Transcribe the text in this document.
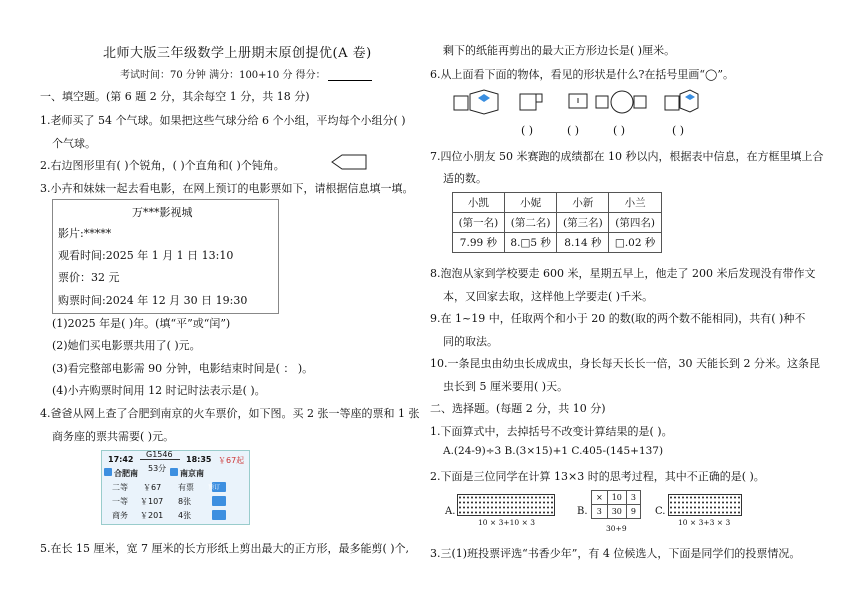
北师大版三年级数学上册期末原创提优(A 卷)
考试时间：70 分钟 满分：100+10 分 得分：
一、填空题。(第 6 题 2 分，其余每空 1 分，共 18 分)
1.老师买了 54 个气球。如果把这些气球分给 6 个小组，平均每个小组分( )
个气球。
2.右边图形里有( )个锐角，( )个直角和( )个钝角。
3.小卉和妹妹一起去看电影，在网上预订的电影票如下，请根据信息填一填。
万***影视城
影片:*****
观看时间:2025 年 1 月 1 日 13:10
票价：32 元
购票时间:2024 年 12 月 30 日 19:30
(1)2025 年是( )年。(填“平”或“闰”)
(2)她们买电影票共用了( )元。
(3)看完整部电影需 90 分钟，电影结束时间是( ： )。
(4)小卉购票时间用 12 时记时法表示是( )。
4.爸爸从网上查了合肥到南京的火车票价，如下图。买 2 张一等座的票和 1 张
商务座的票共需要( )元。
17:42
G1546
18:35 ￥67起
53分
合肥南	南京南
二等 ￥67 有票 预订
一等 ￥107 8张
商务 ￥201 4张
5.在长 15 厘米，宽 7 厘米的长方形纸上剪出最大的正方形，最多能剪( )个,
剩下的纸能再剪出的最大正方形边长是( )厘米。
6.从上面看下面的物体，看见的形状是什么?在括号里画“◯”。
( )	( )	( )	( )
7.四位小朋友 50 米赛跑的成绩都在 10 秒以内，根据表中信息，在方框里填上合
适的数。
小凯	小妮	小新	小兰
(第一名)	(第二名)	(第三名)	(第四名)
7.99 秒	8.□5 秒	8.14 秒	□.02 秒
8.泡泡从家到学校要走 600 米，星期五早上，他走了 200 米后发现没有带作文
本，又回家去取，这样他上学要走( )千米。
9.在 1~19 中，任取两个和小于 20 的数(取的两个数不能相同)，共有( )种不
同的取法。
10.一条昆虫由幼虫长成成虫，身长每天长长一倍，30 天能长到 2 分米。这条昆
虫长到 5 厘米要用( )天。
二、选择题。(每题 2 分，共 10 分)
1.下面算式中，去掉括号不改变计算结果的是( )。
A.(24-9)÷3 B.(3×15)+1 C.405-(145+137)
2.下面是三位同学在计算 13×3 时的思考过程，其中不正确的是( )。
A.
10 × 3+10 × 3
B.
×	10	3
3	30	9
30+9
C.
10 × 3+3 × 3
3.三(1)班投票评选“书香少年”，有 4 位候选人，下面是同学们的投票情况。
